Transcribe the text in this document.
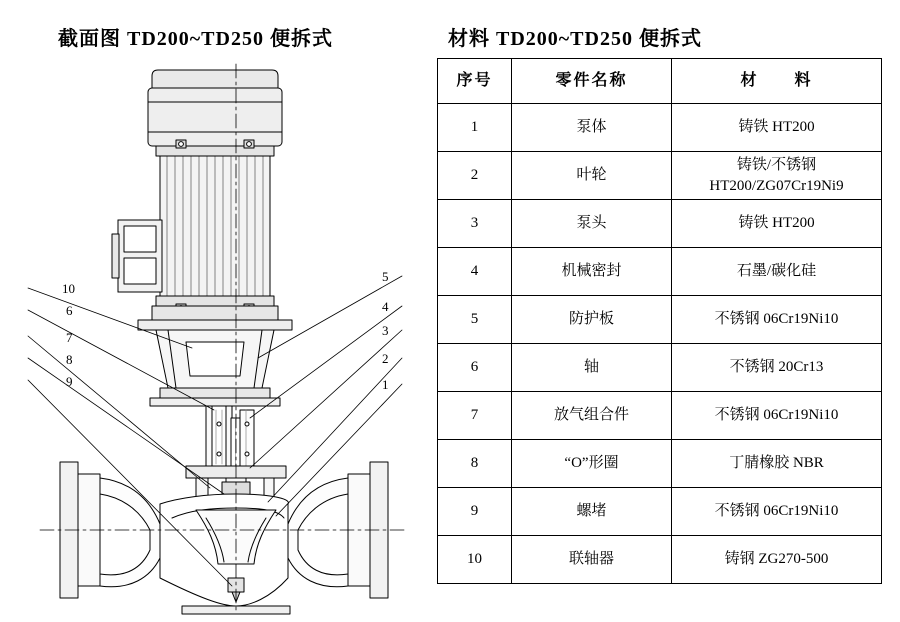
截面图 TD200~TD250 便拆式
10
6
7
8
9
5
4
3
2
1
材料 TD200~TD250 便拆式
序号	零件名称	材　　料
1	泵体	铸铁 HT200
2	叶轮	铸铁/不锈钢
HT200/ZG07Cr19Ni9

3	泵头	铸铁 HT200
4	机械密封	石墨/碳化硅
5	防护板	不锈钢 06Cr19Ni10
6	轴	不锈钢 20Cr13
7	放气组合件	不锈钢 06Cr19Ni10
8	“O”形圈	丁腈橡胶 NBR
9	螺堵	不锈钢 06Cr19Ni10
10	联轴器	铸钢 ZG270-500
